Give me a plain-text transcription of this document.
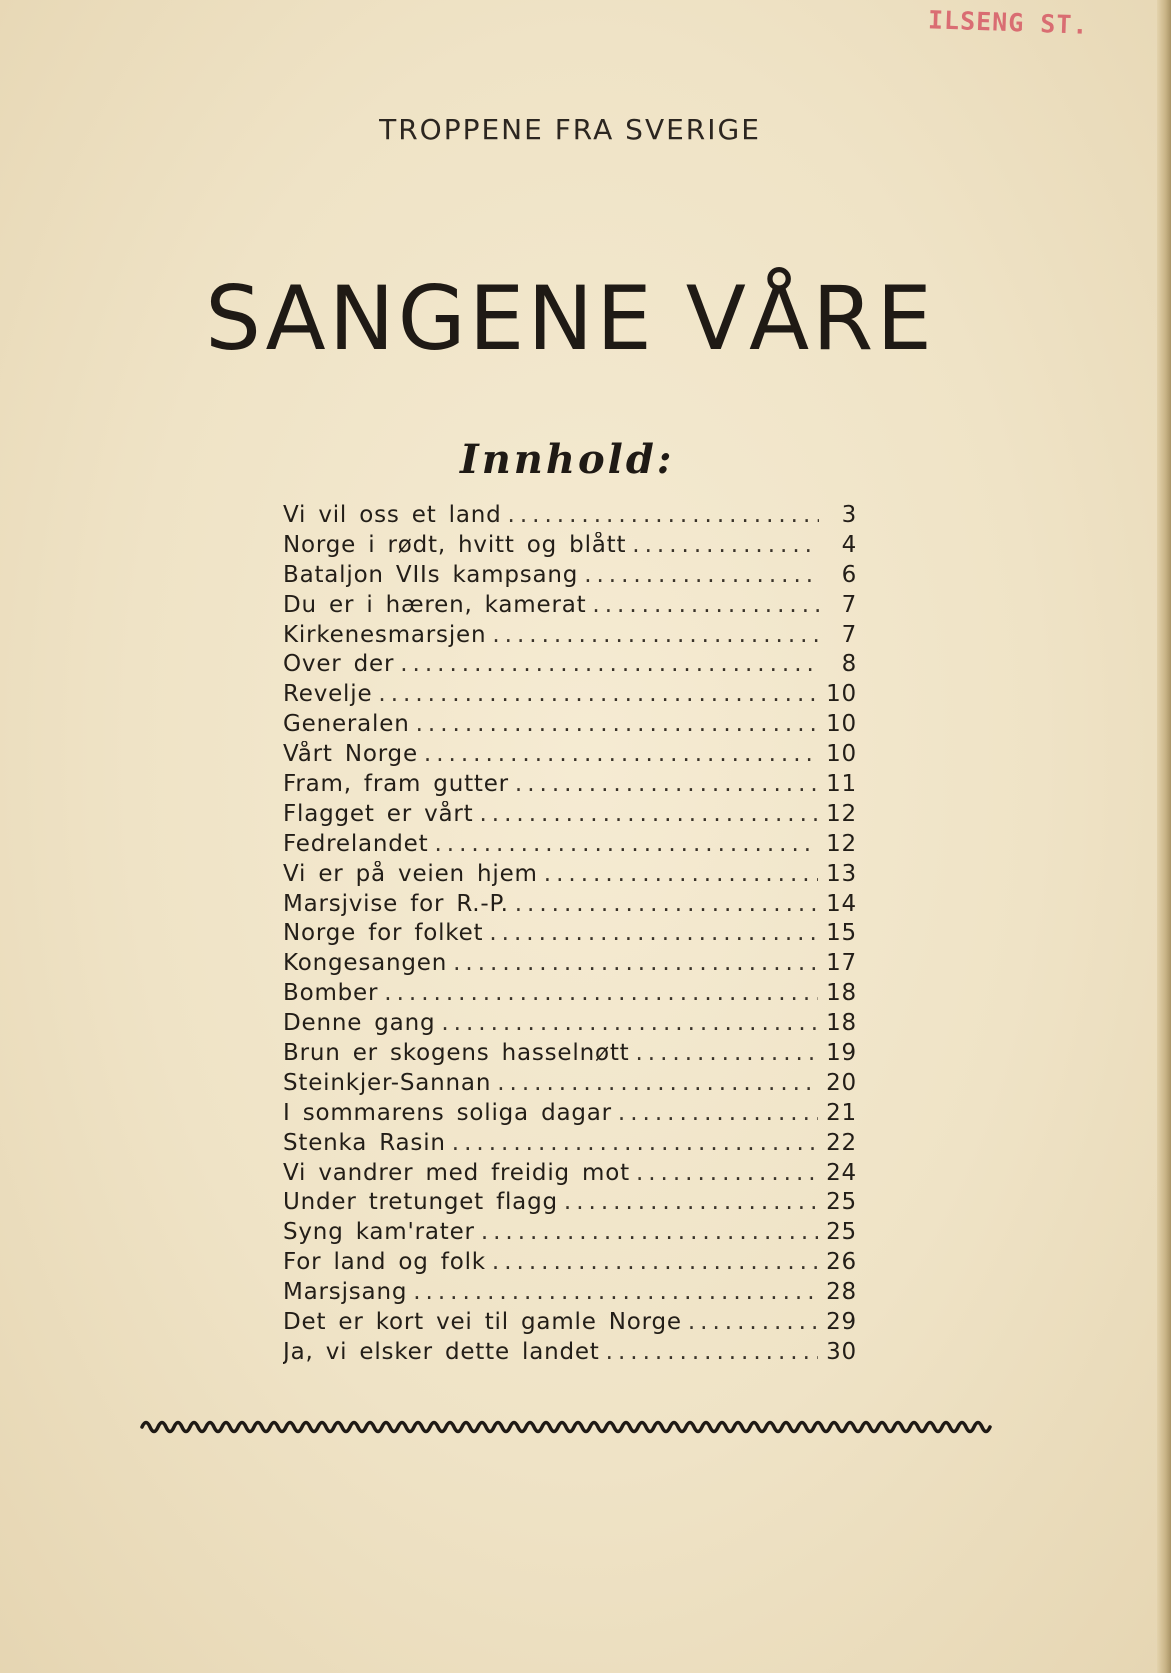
ILSENG ST.
TROPPENE FRA SVERIGE
SANGENE VÅRE
Innhold:
Vi vil oss et land .....	3
Norge i rødt, hvitt og blått .....	4
Bataljon VIIs kampsang .....	6
Du er i hæren, kamerat .....	7
Kirkenesmarsjen .....	7
Over der .....	8
Revelje .....	10
Generalen .....	10
Vårt Norge .....	10
Fram, fram gutter .....	11
Flagget er vårt .....	12
Fedrelandet .....	12
Vi er på veien hjem .....	13
Marsjvise for R.-P. .....	14
Norge for folket .....	15
Kongesangen .....	17
Bomber .....	18
Denne gang .....	18
Brun er skogens hasselnøtt .....	19
Steinkjer-Sannan .....	20
I sommarens soliga dagar .....	21
Stenka Rasin .....	22
Vi vandrer med freidig mot .....	24
Under tretunget flagg .....	25
Syng kam'rater .....	25
For land og folk .....	26
Marsjsang .....	28
Det er kort vei til gamle Norge .....	29
Ja, vi elsker dette landet .....	30
